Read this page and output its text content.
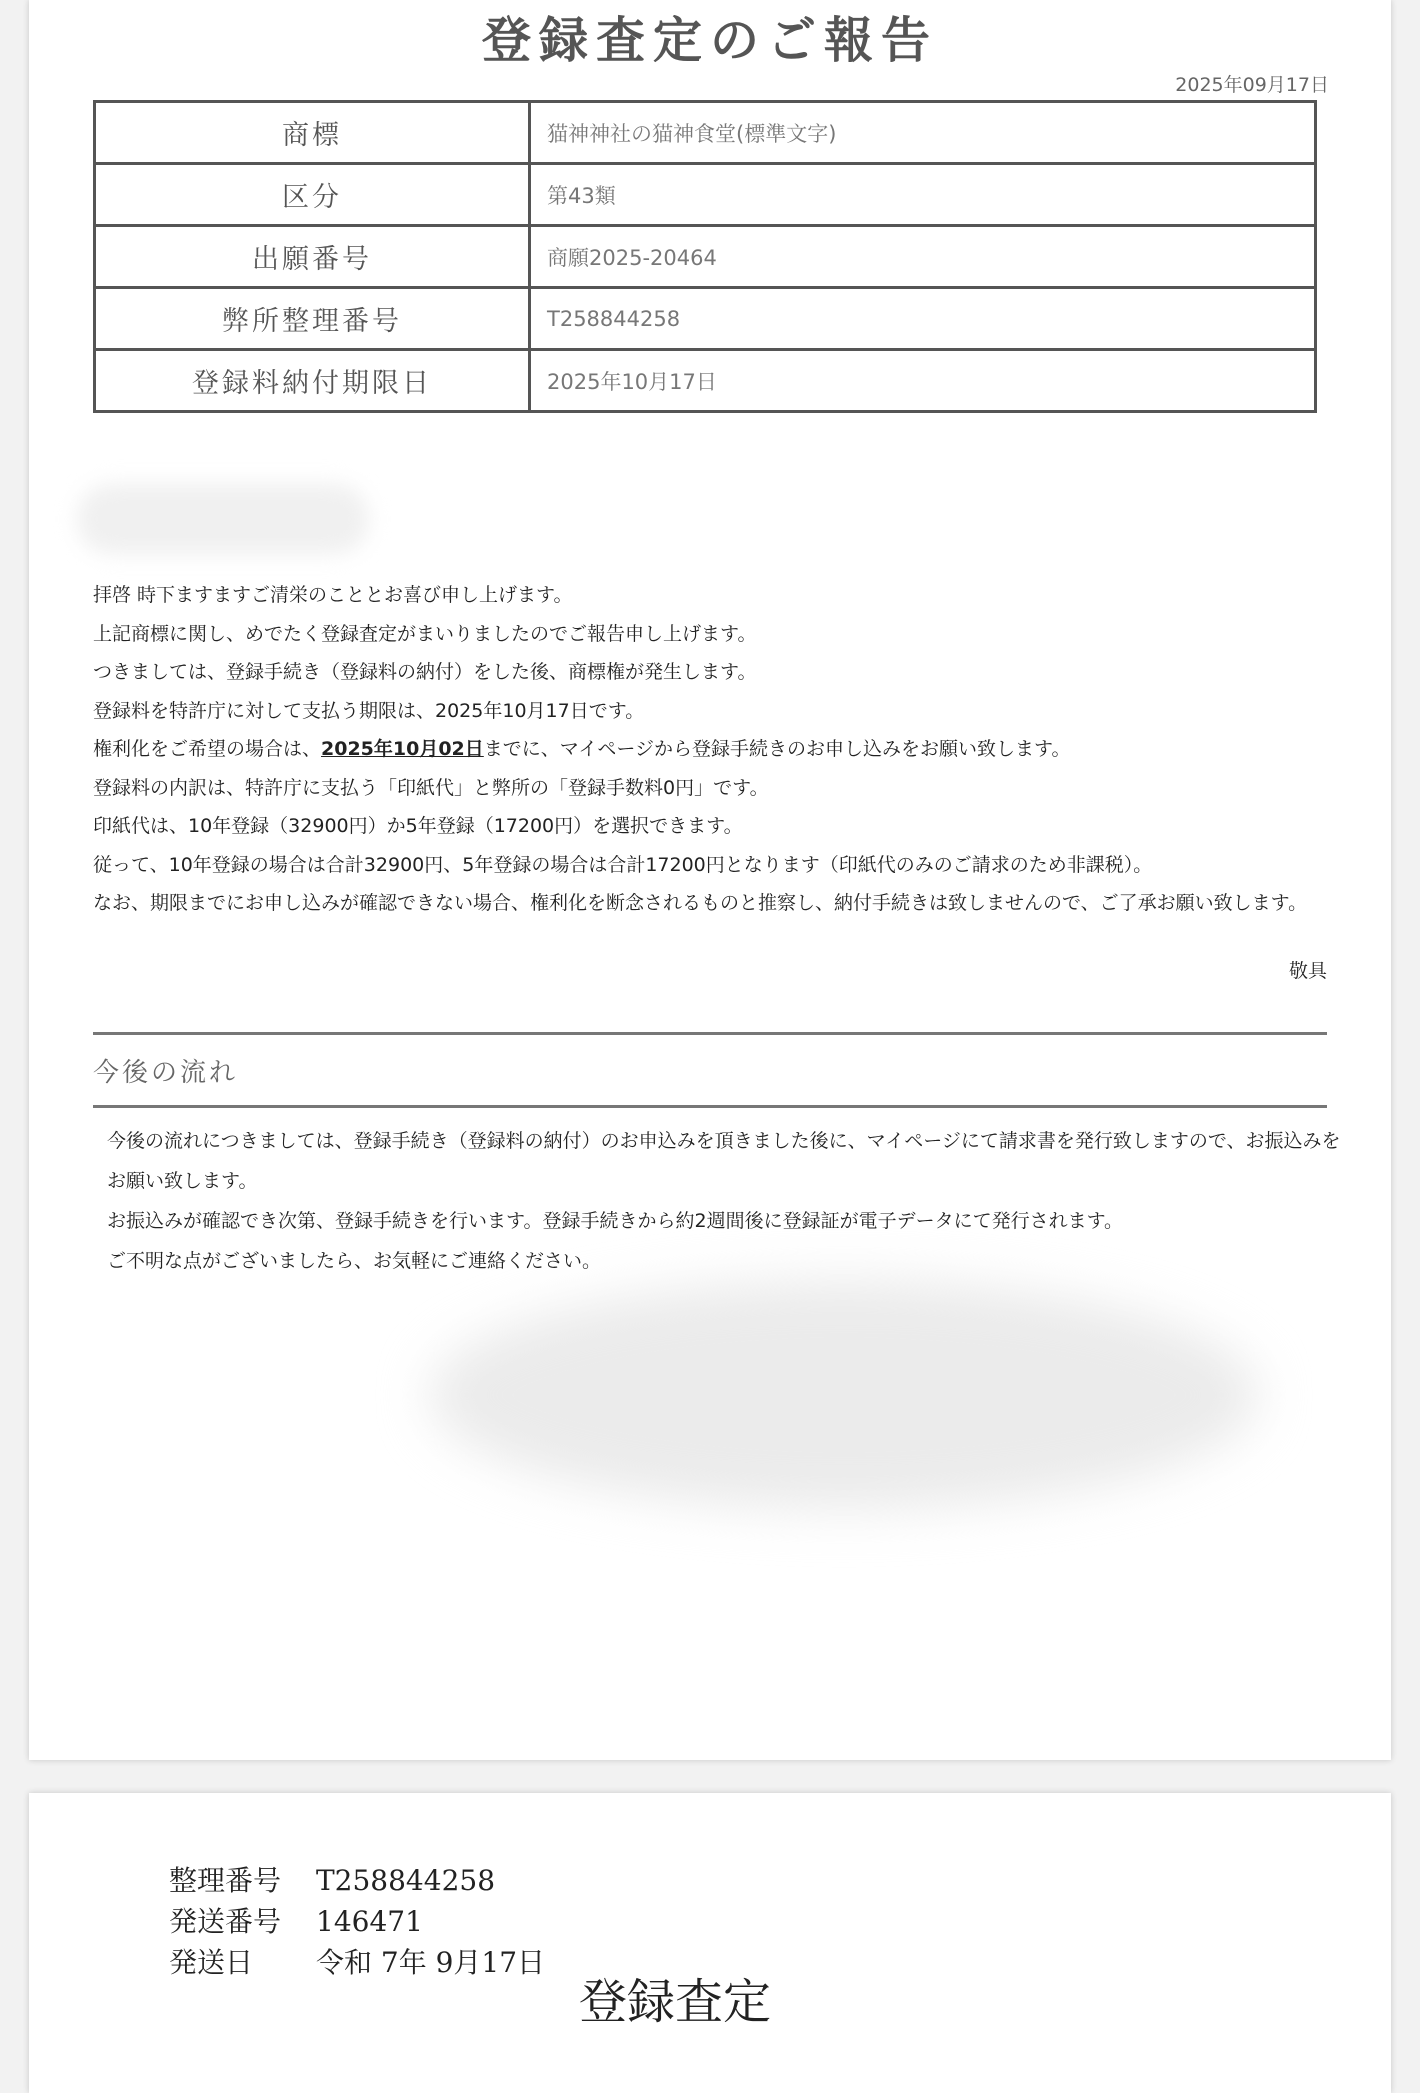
登録査定のご報告
2025年09月17日
商標	猫神神社の猫神食堂(標準文字)
区分	第43類
出願番号	商願2025-20464
弊所整理番号	T258844258
登録料納付期限日	2025年10月17日

拝啓 時下ますますご清栄のこととお喜び申し上げます。

上記商標に関し、めでたく登録査定がまいりましたのでご報告申し上げます。

つきましては、登録手続き（登録料の納付）をした後、商標権が発生します。

登録料を特許庁に対して支払う期限は、2025年10月17日です。

権利化をご希望の場合は、2025年10月02日までに、マイページから登録手続きのお申し込みをお願い致します。

登録料の内訳は、特許庁に支払う「印紙代」と弊所の「登録手数料0円」です。

印紙代は、10年登録（32900円）か5年登録（17200円）を選択できます。

従って、10年登録の場合は合計32900円、5年登録の場合は合計17200円となります（印紙代のみのご請求のため非課税）。

なお、期限までにお申し込みが確認できない場合、権利化を断念されるものと推察し、納付手続きは致しませんので、ご了承お願い致します。

敬具
今後の流れ

今後の流れにつきましては、登録手続き（登録料の納付）のお申込みを頂きました後に、マイページにて請求書を発行致しますので、お振込みをお願い致します。

お振込みが確認でき次第、登録手続きを行います。登録手続きから約2週間後に登録証が電子データにて発行されます。

ご不明な点がございましたら、お気軽にご連絡ください。

整理番号 T258844258
発送番号 146471
発送日 令和 7年 9月17日
登録査定
